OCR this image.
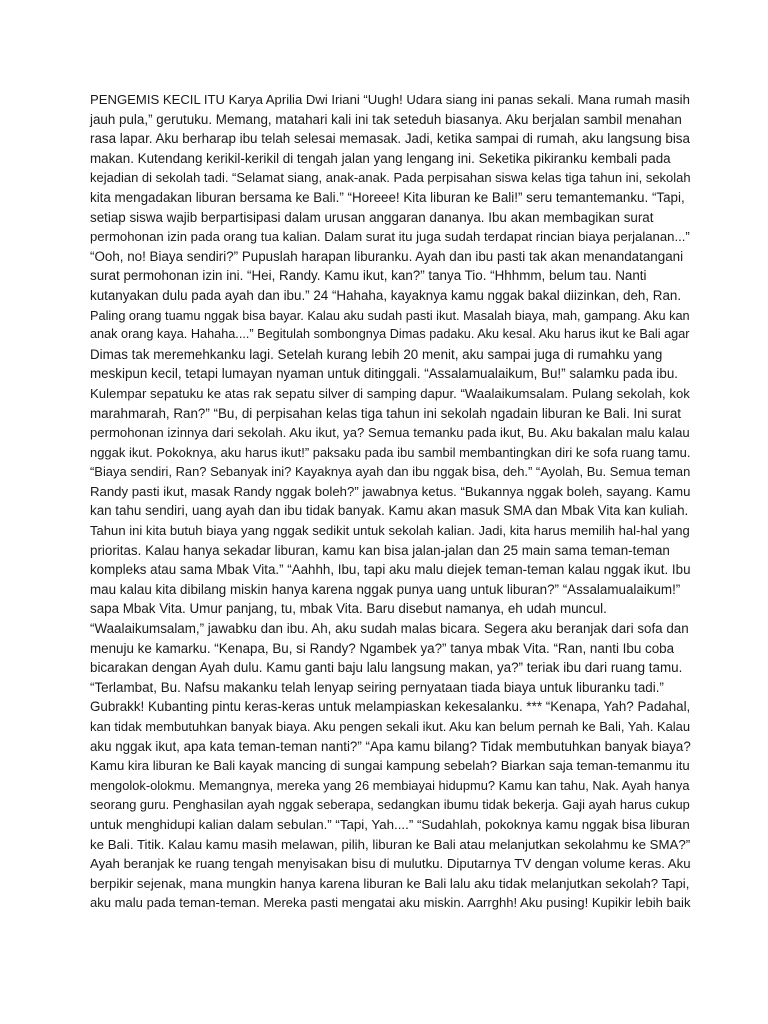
PENGEMIS KECIL ITU Karya Aprilia Dwi Iriani “Uugh! Udara siang ini panas sekali. Mana rumah masih
jauh pula,” gerutuku. Memang, matahari kali ini tak seteduh biasanya. Aku berjalan sambil menahan
rasa lapar. Aku berharap ibu telah selesai memasak. Jadi, ketika sampai di rumah, aku langsung bisa
makan. Kutendang kerikil-kerikil di tengah jalan yang lengang ini. Seketika pikiranku kembali pada
kejadian di sekolah tadi. “Selamat siang, anak-anak. Pada perpisahan siswa kelas tiga tahun ini, sekolah
kita mengadakan liburan bersama ke Bali.” “Horeee! Kita liburan ke Bali!” seru temantemanku. “Tapi,
setiap siswa wajib berpartisipasi dalam urusan anggaran dananya. Ibu akan membagikan surat
permohonan izin pada orang tua kalian. Dalam surat itu juga sudah terdapat rincian biaya perjalanan...”
“Ooh, no! Biaya sendiri?” Pupuslah harapan liburanku. Ayah dan ibu pasti tak akan menandatangani
surat permohonan izin ini. “Hei, Randy. Kamu ikut, kan?” tanya Tio. “Hhhmm, belum tau. Nanti
kutanyakan dulu pada ayah dan ibu.” 24 “Hahaha, kayaknya kamu nggak bakal diizinkan, deh, Ran.
Paling orang tuamu nggak bisa bayar. Kalau aku sudah pasti ikut. Masalah biaya, mah, gampang. Aku kan
anak orang kaya. Hahaha....” Begitulah sombongnya Dimas padaku. Aku kesal. Aku harus ikut ke Bali agar
Dimas tak meremehkanku lagi. Setelah kurang lebih 20 menit, aku sampai juga di rumahku yang
meskipun kecil, tetapi lumayan nyaman untuk ditinggali. “Assalamualaikum, Bu!” salamku pada ibu.
Kulempar sepatuku ke atas rak sepatu silver di samping dapur. “Waalaikumsalam. Pulang sekolah, kok
marahmarah, Ran?” “Bu, di perpisahan kelas tiga tahun ini sekolah ngadain liburan ke Bali. Ini surat
permohonan izinnya dari sekolah. Aku ikut, ya? Semua temanku pada ikut, Bu. Aku bakalan malu kalau
nggak ikut. Pokoknya, aku harus ikut!” paksaku pada ibu sambil membantingkan diri ke sofa ruang tamu.
“Biaya sendiri, Ran? Sebanyak ini? Kayaknya ayah dan ibu nggak bisa, deh.” “Ayolah, Bu. Semua teman
Randy pasti ikut, masak Randy nggak boleh?” jawabnya ketus. “Bukannya nggak boleh, sayang. Kamu
kan tahu sendiri, uang ayah dan ibu tidak banyak. Kamu akan masuk SMA dan Mbak Vita kan kuliah.
Tahun ini kita butuh biaya yang nggak sedikit untuk sekolah kalian. Jadi, kita harus memilih hal-hal yang
prioritas. Kalau hanya sekadar liburan, kamu kan bisa jalan-jalan dan 25 main sama teman-teman
kompleks atau sama Mbak Vita.” “Aahhh, Ibu, tapi aku malu diejek teman-teman kalau nggak ikut. Ibu
mau kalau kita dibilang miskin hanya karena nggak punya uang untuk liburan?” “Assalamualaikum!”
sapa Mbak Vita. Umur panjang, tu, mbak Vita. Baru disebut namanya, eh udah muncul.
“Waalaikumsalam,” jawabku dan ibu. Ah, aku sudah malas bicara. Segera aku beranjak dari sofa dan
menuju ke kamarku. “Kenapa, Bu, si Randy? Ngambek ya?” tanya mbak Vita. “Ran, nanti Ibu coba
bicarakan dengan Ayah dulu. Kamu ganti baju lalu langsung makan, ya?” teriak ibu dari ruang tamu.
“Terlambat, Bu. Nafsu makanku telah lenyap seiring pernyataan tiada biaya untuk liburanku tadi.”
Gubrakk! Kubanting pintu keras-keras untuk melampiaskan kekesalanku. *** “Kenapa, Yah? Padahal,
kan tidak membutuhkan banyak biaya. Aku pengen sekali ikut. Aku kan belum pernah ke Bali, Yah. Kalau
aku nggak ikut, apa kata teman-teman nanti?” “Apa kamu bilang? Tidak membutuhkan banyak biaya?
Kamu kira liburan ke Bali kayak mancing di sungai kampung sebelah? Biarkan saja teman-temanmu itu
mengolok-olokmu. Memangnya, mereka yang 26 membiayai hidupmu? Kamu kan tahu, Nak. Ayah hanya
seorang guru. Penghasilan ayah nggak seberapa, sedangkan ibumu tidak bekerja. Gaji ayah harus cukup
untuk menghidupi kalian dalam sebulan.” “Tapi, Yah....” “Sudahlah, pokoknya kamu nggak bisa liburan
ke Bali. Titik. Kalau kamu masih melawan, pilih, liburan ke Bali atau melanjutkan sekolahmu ke SMA?”
Ayah beranjak ke ruang tengah menyisakan bisu di mulutku. Diputarnya TV dengan volume keras. Aku
berpikir sejenak, mana mungkin hanya karena liburan ke Bali lalu aku tidak melanjutkan sekolah? Tapi,
aku malu pada teman-teman. Mereka pasti mengatai aku miskin. Aarrghh! Aku pusing! Kupikir lebih baik
